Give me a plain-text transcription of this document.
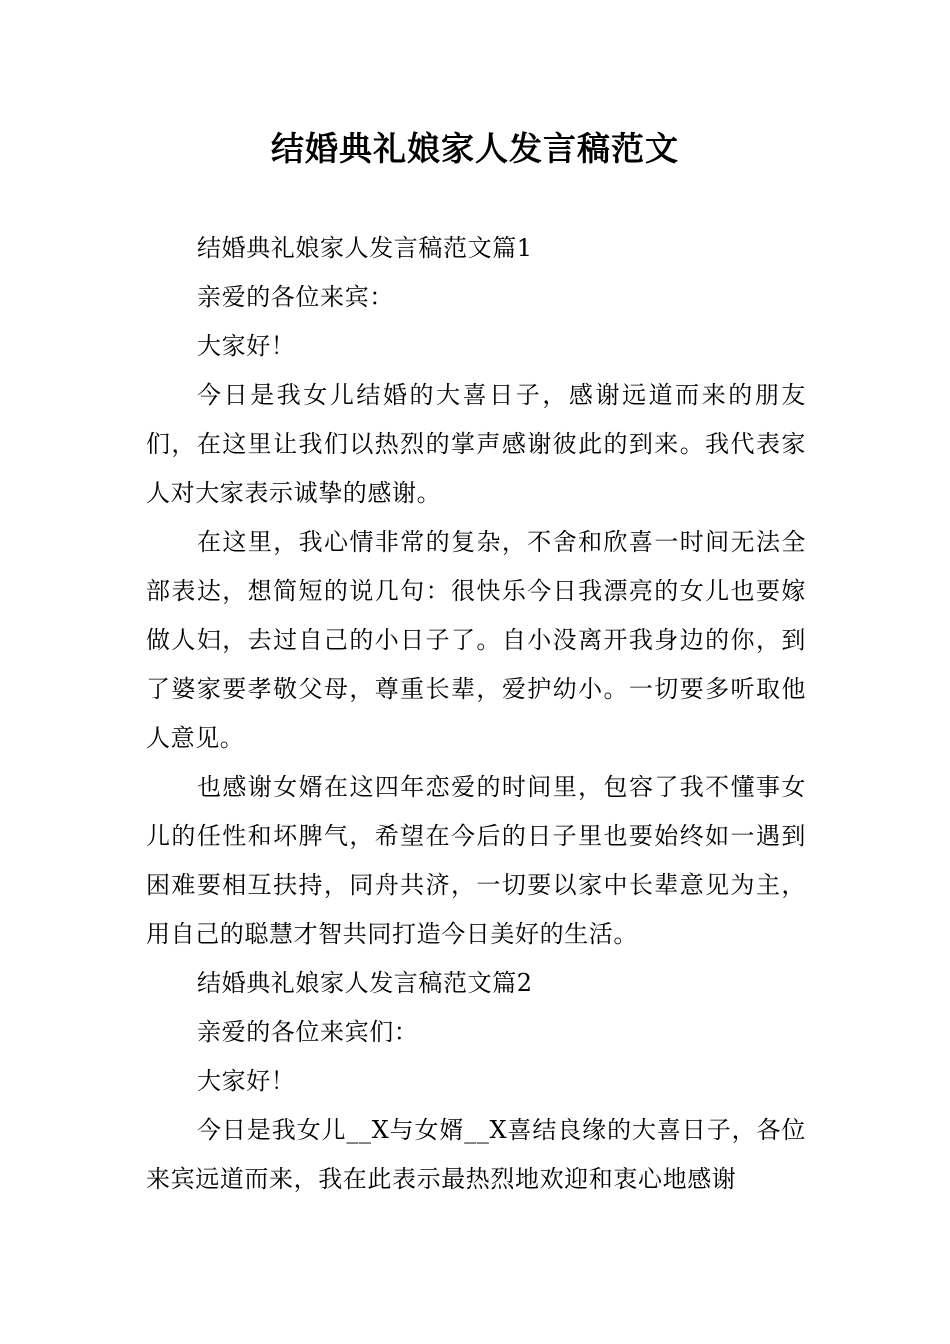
结婚典礼娘家人发言稿范文

结婚典礼娘家人发言稿范文篇1

亲爱的各位来宾：

大家好！

今日是我女儿结婚的大喜日子，感谢远道而来的朋友们，在这里让我们以热烈的掌声感谢彼此的到来。我代表家人对大家表示诚挚的感谢。

在这里，我心情非常的复杂，不舍和欣喜一时间无法全部表达，想简短的说几句：很快乐今日我漂亮的女儿也要嫁做人妇，去过自己的小日子了。自小没离开我身边的你，到了婆家要孝敬父母，尊重长辈，爱护幼小。一切要多听取他人意见。

也感谢女婿在这四年恋爱的时间里，包容了我不懂事女儿的任性和坏脾气，希望在今后的日子里也要始终如一遇到困难要相互扶持，同舟共济，一切要以家中长辈意见为主，用自己的聪慧才智共同打造今日美好的生活。

结婚典礼娘家人发言稿范文篇2

亲爱的各位来宾们：

大家好！

今日是我女儿__X与女婿__X喜结良缘的大喜日子，各位来宾远道而来，我在此表示最热烈地欢迎和衷心地感谢
